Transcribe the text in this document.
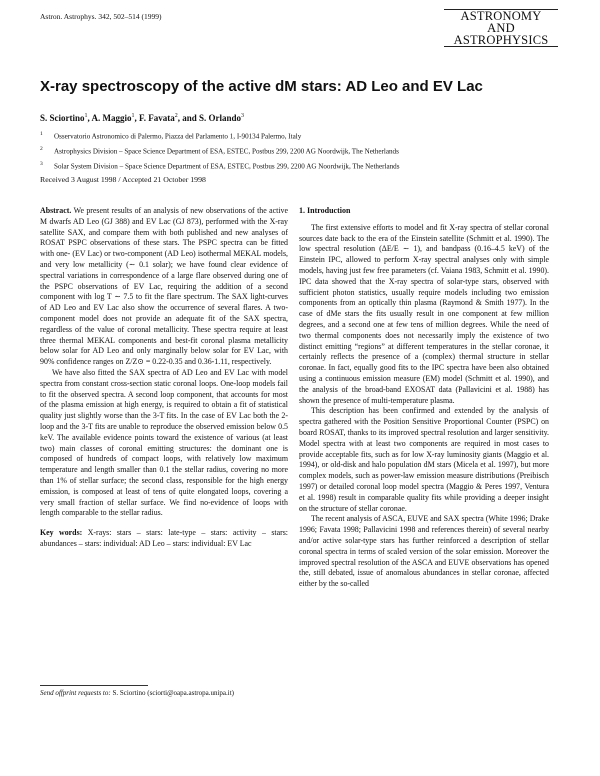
Astron. Astrophys. 342, 502–514 (1999)	ASTRONOMY
AND
ASTROPHYSICS
X-ray spectroscopy of the active dM stars: AD Leo and EV Lac
S. Sciortino$^1$, A. Maggio$^1$, F. Favata$^2$, and S. Orlando$^3$
$^1$ Osservatorio Astronomico di Palermo, Piazza del Parlamento 1, I-90134 Palermo, Italy
$^2$ Astrophysics Division – Space Science Department of ESA, ESTEC, Postbus 299, 2200 AG Noordwijk, The Netherlands
$^3$ Solar System Division – Space Science Department of ESA, ESTEC, Postbus 299, 2200 AG Noordwijk, The Netherlands
Received 3 August 1998 / Accepted 21 October 1998

Abstract. We present results of an analysis of new observations of the active M dwarfs AD Leo (GJ 388) and EV Lac (GJ 873), performed with the X-ray satellite SAX, and compare them with both published and new analyses of ROSAT PSPC observations of these stars. The PSPC spectra can be fitted with one- (EV Lac) or two-component (AD Leo) isothermal MEKAL models, and very low metallicity (∼ 0.1 solar); we have found clear evidence of spectral variations in correspondence of a large flare observed during one of the PSPC observations of EV Lac, requiring the addition of a second component with log T ∼ 7.5 to fit the flare spectrum. The SAX light-curves of AD Leo and EV Lac also show the occurrence of several flares. A two-component model does not provide an adequate fit of the SAX spectra, regardless of the value of coronal metallicity. These spectra require at least three thermal MEKAL components and best-fit coronal plasma metallicity below solar for AD Leo and only marginally below solar for EV Lac, with 90% confidence ranges on Z/Z⊙ = 0.22-0.35 and 0.36-1.11, respectively.

We have also fitted the SAX spectra of AD Leo and EV Lac with model spectra from constant cross-section static coronal loops. One-loop models fail to fit the observed spectra. A second loop component, that accounts for most of the plasma emission at high energy, is required to obtain a fit of statistical quality just slightly worse than the 3-T fits. In the case of EV Lac both the 2-loop and the 3-T fits are unable to reproduce the observed emission below 0.5 keV. The available evidence points toward the existence of various (at least two) main classes of coronal emitting structures: the dominant one is composed of hundreds of compact loops, with relatively low maximum temperature and length smaller than 0.1 the stellar radius, covering no more than 1% of stellar surface; the second class, responsible for the high energy emission, is composed at least of tens of quite elongated loops, covering a very small fraction of stellar surface. We find no-evidence of loops with length comparable to the stellar radius.

Key words: X-rays: stars – stars: late-type – stars: activity – stars: abundances – stars: individual: AD Leo – stars: individual: EV Lac

1. Introduction

The first extensive efforts to model and fit X-ray spectra of stellar coronal sources date back to the era of the Einstein satellite (Schmitt et al. 1990). The low spectral resolution (ΔE/E ∼ 1), and bandpass (0.16–4.5 keV) of the Einstein IPC, allowed to perform X-ray spectral analyses only with simple models, having just few free parameters (cf. Vaiana 1983, Schmitt et al. 1990). IPC data showed that the X-ray spectra of solar-type stars, observed with sufficient photon statistics, usually require models including two emission components from an optically thin plasma (Raymond & Smith 1977). In the case of dMe stars the fits usually result in one component at few million degrees, and a second one at few tens of million degrees. While the need of two thermal components does not necessarily imply the existence of two distinct emitting “regions” at different temperatures in the stellar coronae, it certainly reflects the presence of a (complex) thermal structure in stellar coronae. In fact, equally good fits to the IPC spectra have been also obtained using a continuous emission measure (EM) model (Schmitt et al. 1990), and the analysis of the broad-band EXOSAT data (Pallavicini et al. 1988) has shown the presence of multi-temperature plasma.

This description has been confirmed and extended by the analysis of spectra gathered with the Position Sensitive Proportional Counter (PSPC) on board ROSAT, thanks to its improved spectral resolution and larger sensitivity. Model spectra with at least two components are required in most cases to provide acceptable fits, such as for low X-ray luminosity giants (Maggio et al. 1994), or old-disk and halo population dM stars (Micela et al. 1997), but more complex models, such as power-law emission measure distributions (Preibisch 1997) or detailed coronal loop model spectra (Maggio & Peres 1997, Ventura et al. 1998) result in comparable quality fits while providing a deeper insight on the structure of stellar coronae.

The recent analysis of ASCA, EUVE and SAX spectra (White 1996; Drake 1996; Favata 1998; Pallavicini 1998 and references therein) of several nearby and/or active solar-type stars has further reinforced a description of stellar coronal spectra in terms of scaled version of the solar emission. Moreover the improved spectral resolution of the ASCA and EUVE observations has opened the, still debated, issue of anomalous abundances in stellar coronae, affected either by the so-called

Send offprint requests to: S. Sciortino (sciorti@oapa.astropa.unipa.it)
